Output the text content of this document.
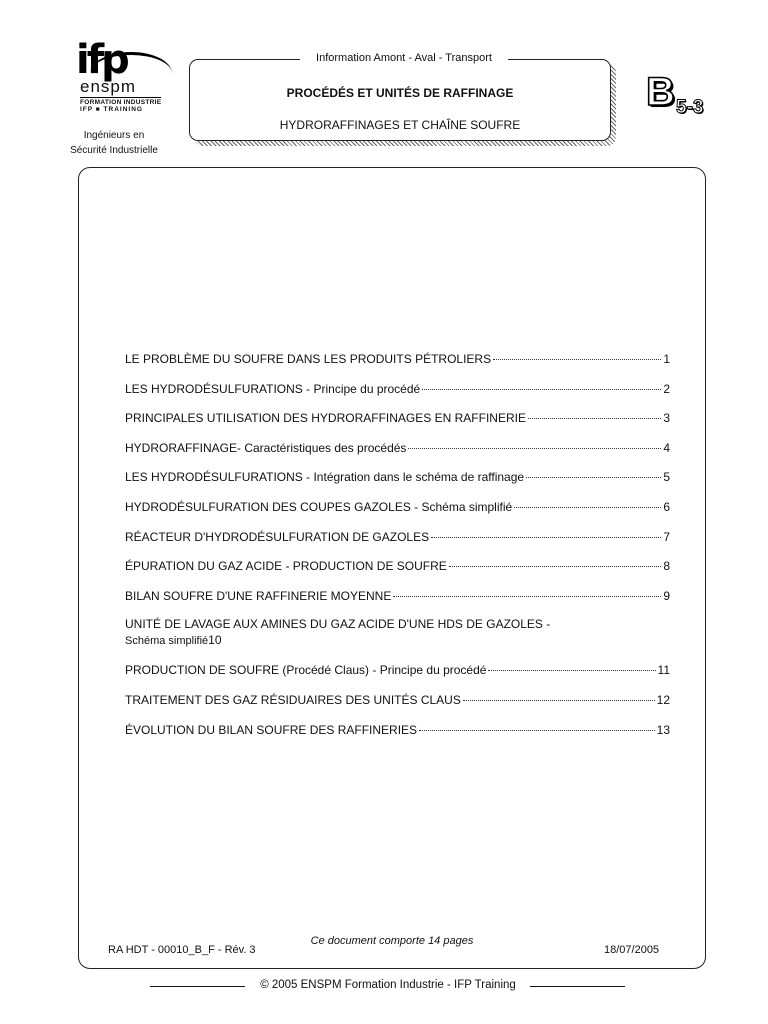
ifp
enspm
FORMATION INDUSTRIE
IFP ■ TRAINING
Ingénieurs en
Sécurité Industrielle
Information Amont - Aval - Transport
PROCÉDÉS ET UNITÉS DE RAFFINAGE
HYDRORAFFINAGES ET CHAÎNE SOUFRE
B 5-3
LE PROBLÈME DU SOUFRE DANS LES PRODUITS PÉTROLIERS	1
LES HYDRODÉSULFURATIONS - Principe du procédé	2
PRINCIPALES UTILISATION DES HYDRORAFFINAGES EN RAFFINERIE	3
HYDRORAFFINAGE- Caractéristiques des procédés	4
LES HYDRODÉSULFURATIONS - Intégration dans le schéma de raffinage	5
HYDRODÉSULFURATION DES COUPES GAZOLES - Schéma simplifié	6
RÉACTEUR D'HYDRODÉSULFURATION DE GAZOLES	7
ÉPURATION DU GAZ ACIDE - PRODUCTION DE SOUFRE	8
BILAN SOUFRE D'UNE RAFFINERIE MOYENNE	9
UNITÉ DE LAVAGE AUX AMINES DU GAZ ACIDE D'UNE HDS DE GAZOLES -
Schéma simplifié 10
PRODUCTION DE SOUFRE (Procédé Claus) - Principe du procédé	11
TRAITEMENT DES GAZ RÉSIDUAIRES DES UNITÉS CLAUS	12
ÉVOLUTION DU BILAN SOUFRE DES RAFFINERIES	13
RA HDT - 00010_B_F - Rév. 3
Ce document comporte 14 pages
18/07/2005
© 2005 ENSPM Formation Industrie - IFP Training
